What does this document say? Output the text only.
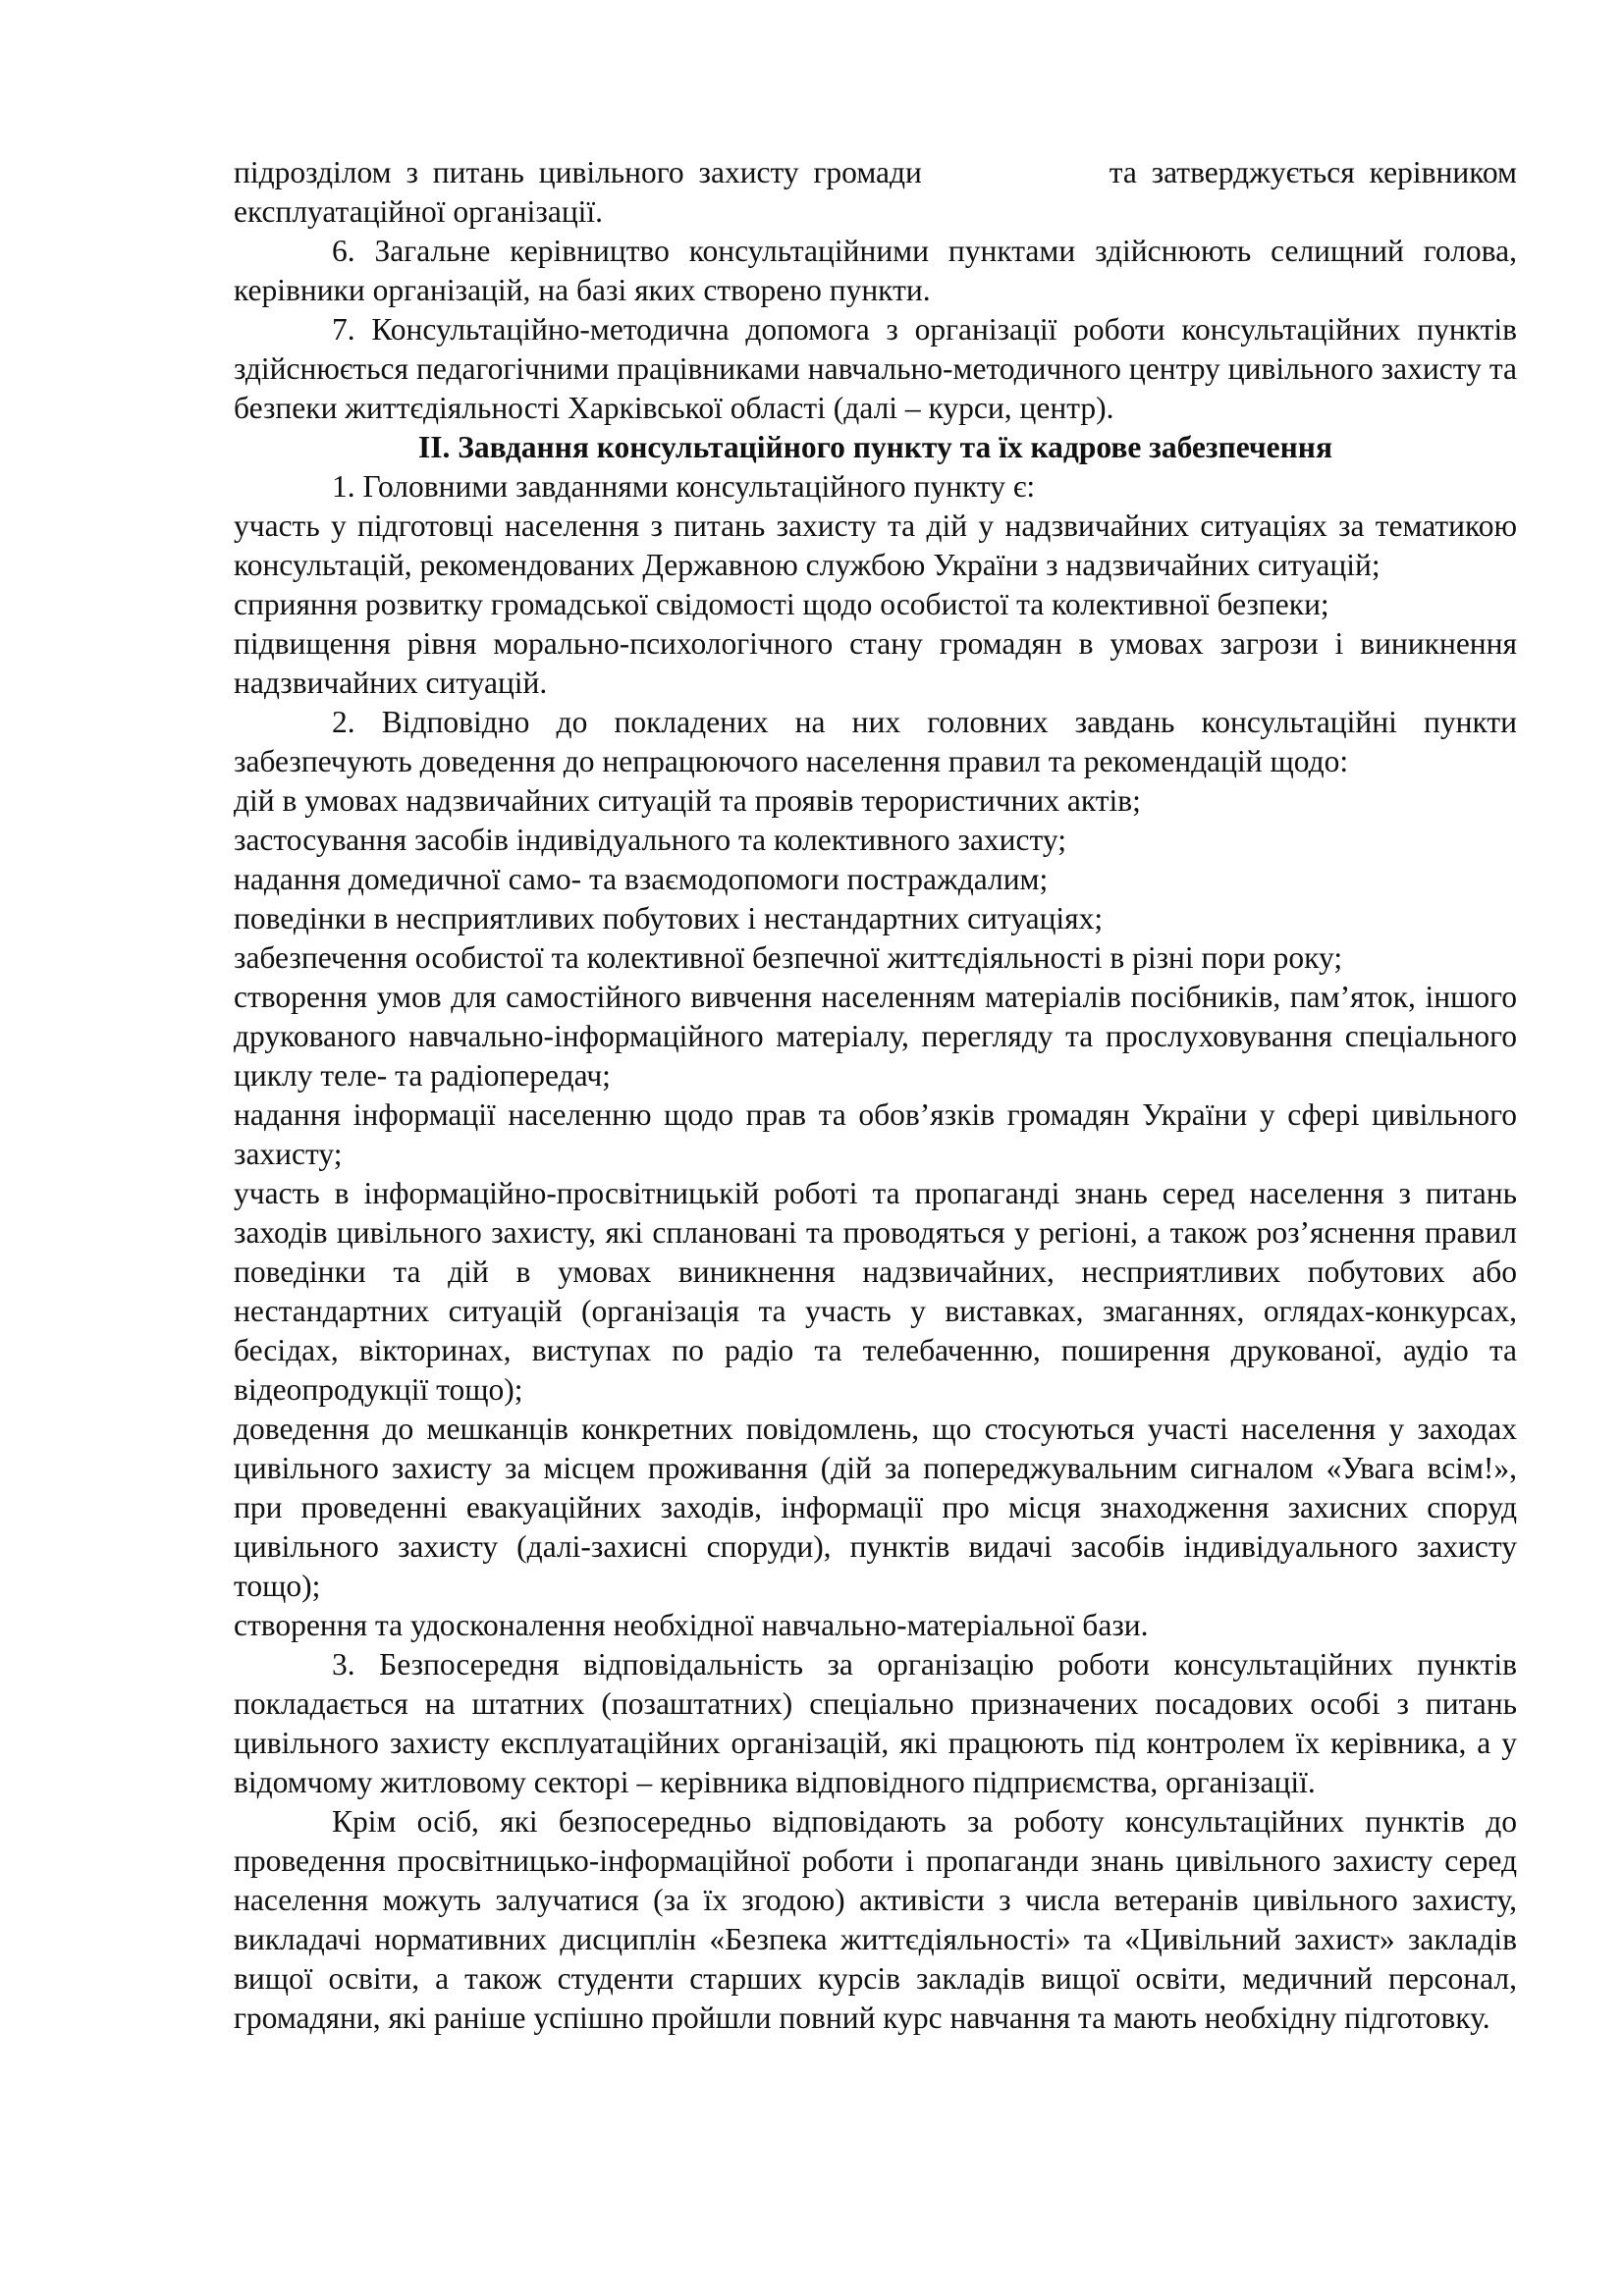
підрозділом з питань цивільного захисту громади	та затверджується керівником

експлуатаційної організації.

6. Загальне керівництво консультаційними пунктами здійснюють селищний голова, керівники організацій, на базі яких створено пункти.

7. Консультаційно-методична допомога з організації роботи консультаційних пунктів здійснюється педагогічними працівниками навчально-методичного центру цивільного захисту та безпеки життєдіяльності Харківської області (далі – курси, центр).

ІІ. Завдання консультаційного пункту та їх кадрове забезпечення

1. Головними завданнями консультаційного пункту є:

участь у підготовці населення з питань захисту та дій у надзвичайних ситуаціях за тематикою консультацій, рекомендованих Державною службою України з надзвичайних ситуацій;

сприяння розвитку громадської свідомості щодо особистої та колективної безпеки;

підвищення рівня морально-психологічного стану громадян в умовах загрози і виникнення надзвичайних ситуацій.

2. Відповідно до покладених на них головних завдань консультаційні пункти забезпечують доведення до непрацюючого населення правил та рекомендацій щодо:

дій в умовах надзвичайних ситуацій та проявів терористичних актів;

застосування засобів індивідуального та колективного захисту;

надання домедичної само- та взаємодопомоги постраждалим;

поведінки в несприятливих побутових і нестандартних ситуаціях;

забезпечення особистої та колективної безпечної життєдіяльності в різні пори року;

створення умов для самостійного вивчення населенням матеріалів посібників, пам’яток, іншого друкованого навчально-інформаційного матеріалу, перегляду та прослуховування спеціального циклу теле- та радіопередач;

надання інформації населенню щодо прав та обов’язків громадян України у сфері цивільного захисту;

участь в інформаційно-просвітницькій роботі та пропаганді знань серед населення з питань заходів цивільного захисту, які сплановані та проводяться у регіоні, а також роз’яснення правил поведінки та дій в умовах виникнення надзвичайних, несприятливих побутових або нестандартних ситуацій (організація та участь у виставках, змаганнях, оглядах-конкурсах, бесідах, вікторинах, виступах по радіо та телебаченню, поширення друкованої, аудіо та відеопродукції тощо);

доведення до мешканців конкретних повідомлень, що стосуються участі населення у заходах цивільного захисту за місцем проживання (дій за попереджувальним сигналом «Увага всім!», при проведенні евакуаційних заходів, інформації про місця знаходження захисних споруд цивільного захисту (далі-захисні споруди), пунктів видачі засобів індивідуального захисту тощо);

створення та удосконалення необхідної навчально-матеріальної бази.

3. Безпосередня відповідальність за організацію роботи консультаційних пунктів покладається на штатних (позаштатних) спеціально призначених посадових особі з питань цивільного захисту експлуатаційних організацій, які працюють під контролем їх керівника, а у відомчому житловому секторі – керівника відповідного підприємства, організації.

Крім осіб, які безпосередньо відповідають за роботу консультаційних пунктів до проведення просвітницько-інформаційної роботи і пропаганди знань цивільного захисту серед населення можуть залучатися (за їх згодою) активісти з числа ветеранів цивільного захисту, викладачі нормативних дисциплін «Безпека життєдіяльності» та «Цивільний захист» закладів вищої освіти, а також студенти старших курсів закладів вищої освіти, медичний персонал, громадяни, які раніше успішно пройшли повний курс навчання та мають необхідну підготовку.
